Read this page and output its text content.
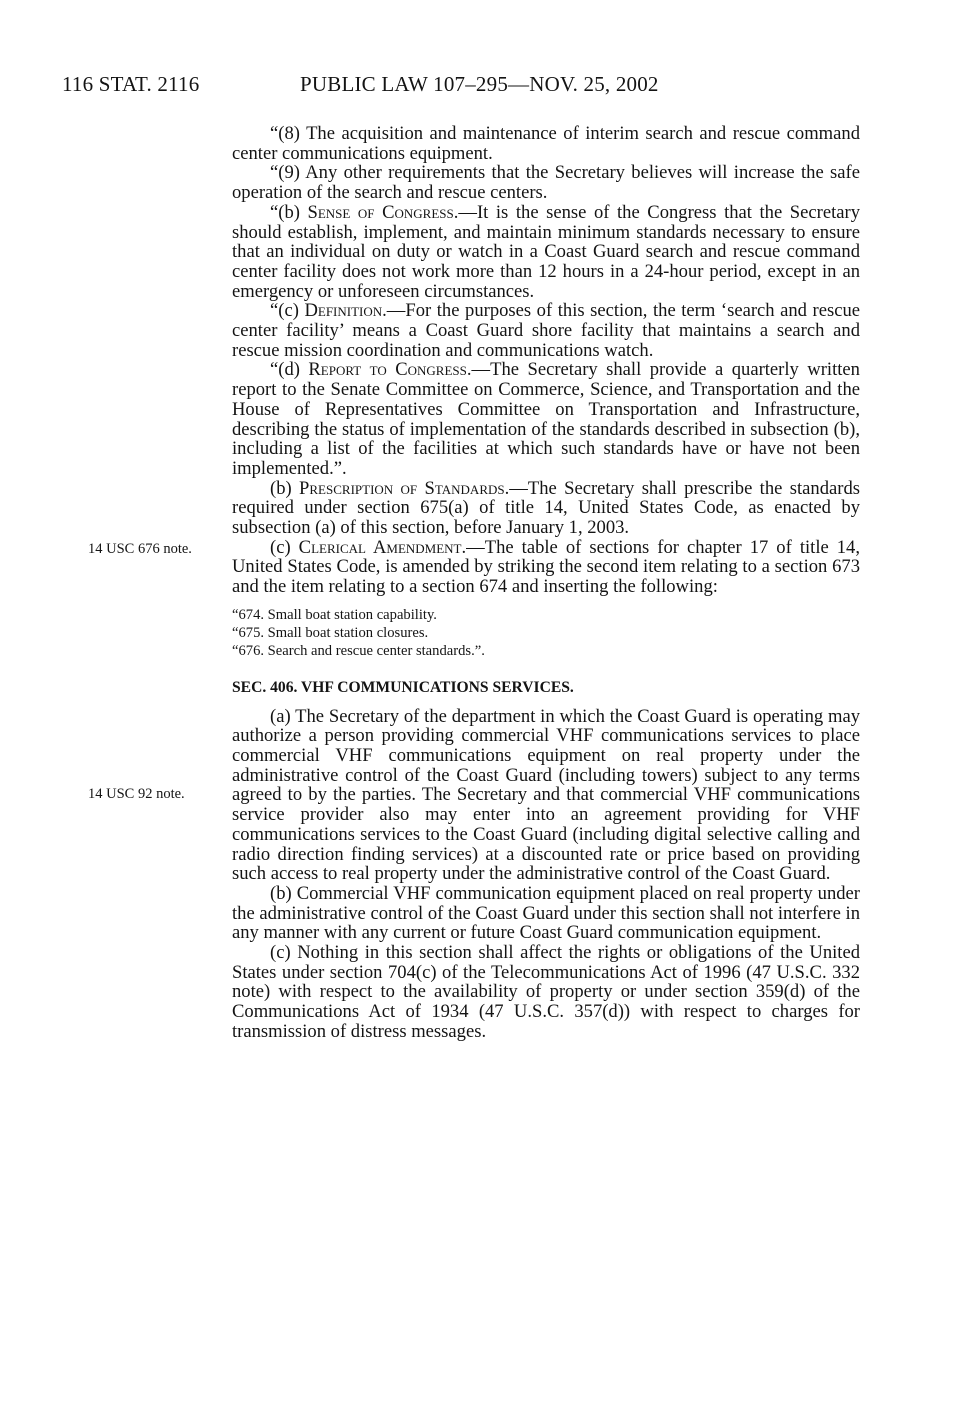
116 STAT. 2116	PUBLIC LAW 107–295—NOV. 25, 2002
14 USC 676 note.
14 USC 92 note.

“(8) The acquisition and maintenance of interim search and rescue command center communications equipment.

“(9) Any other requirements that the Secretary believes will increase the safe operation of the search and rescue centers.

“(b) Sense of Congress.—It is the sense of the Congress that the Secretary should establish, implement, and maintain minimum standards necessary to ensure that an individual on duty or watch in a Coast Guard search and rescue command center facility does not work more than 12 hours in a 24-hour period, except in an emergency or unforeseen circumstances.

“(c) Definition.—For the purposes of this section, the term ‘search and rescue center facility’ means a Coast Guard shore facility that maintains a search and rescue mission coordination and communications watch.

“(d) Report to Congress.—The Secretary shall provide a quarterly written report to the Senate Committee on Commerce, Science, and Transportation and the House of Representatives Committee on Transportation and Infrastructure, describing the status of implementation of the standards described in subsection (b), including a list of the facilities at which such standards have or have not been implemented.”.

(b) Prescription of Standards.—The Secretary shall prescribe the standards required under section 675(a) of title 14, United States Code, as enacted by subsection (a) of this section, before January 1, 2003.

(c) Clerical Amendment.—The table of sections for chapter 17 of title 14, United States Code, is amended by striking the second item relating to a section 673 and the item relating to a section 674 and inserting the following:

“674. Small boat station capability.

“675. Small boat station closures.

“676. Search and rescue center standards.”.

SEC. 406. VHF COMMUNICATIONS SERVICES.

(a) The Secretary of the department in which the Coast Guard is operating may authorize a person providing commercial VHF communications services to place commercial VHF communications equipment on real property under the administrative control of the Coast Guard (including towers) subject to any terms agreed to by the parties. The Secretary and that commercial VHF communications service provider also may enter into an agreement providing for VHF communications services to the Coast Guard (including digital selective calling and radio direction finding services) at a discounted rate or price based on providing such access to real property under the administrative control of the Coast Guard.

(b) Commercial VHF communication equipment placed on real property under the administrative control of the Coast Guard under this section shall not interfere in any manner with any current or future Coast Guard communication equipment.

(c) Nothing in this section shall affect the rights or obligations of the United States under section 704(c) of the Telecommunications Act of 1996 (47 U.S.C. 332 note) with respect to the availability of property or under section 359(d) of the Communications Act of 1934 (47 U.S.C. 357(d)) with respect to charges for transmission of distress messages.
